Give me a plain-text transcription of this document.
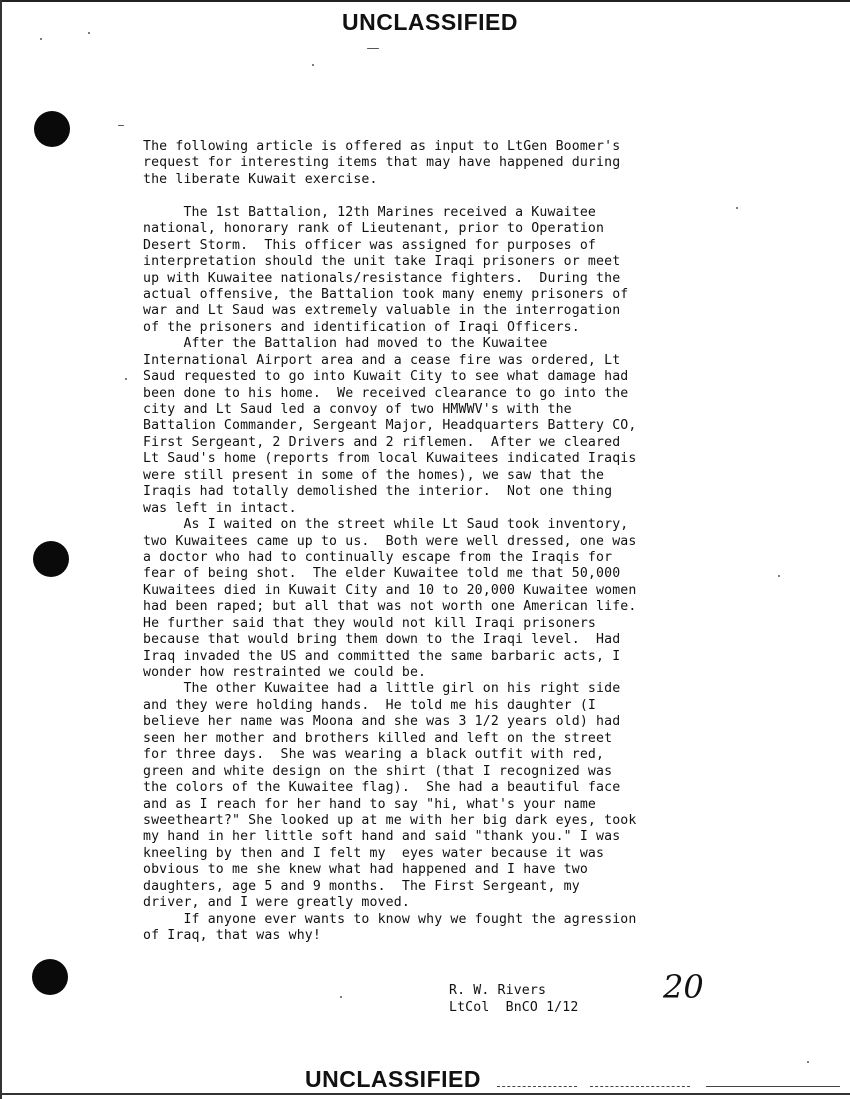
UNCLASSIFIED
The following article is offered as input to LtGen Boomer's
request for interesting items that may have happened during
the liberate Kuwait exercise.
The 1st Battalion, 12th Marines received a Kuwaitee
national, honorary rank of Lieutenant, prior to Operation
Desert Storm.  This officer was assigned for purposes of
interpretation should the unit take Iraqi prisoners or meet
up with Kuwaitee nationals/resistance fighters.  During the
actual offensive, the Battalion took many enemy prisoners of
war and Lt Saud was extremely valuable in the interrogation
of the prisoners and identification of Iraqi Officers.
After the Battalion had moved to the Kuwaitee
International Airport area and a cease fire was ordered, Lt
Saud requested to go into Kuwait City to see what damage had
been done to his home.  We received clearance to go into the
city and Lt Saud led a convoy of two HMWWV's with the
Battalion Commander, Sergeant Major, Headquarters Battery CO,
First Sergeant, 2 Drivers and 2 riflemen.  After we cleared
Lt Saud's home (reports from local Kuwaitees indicated Iraqis
were still present in some of the homes), we saw that the
Iraqis had totally demolished the interior.  Not one thing
was left in intact.
As I waited on the street while Lt Saud took inventory,
two Kuwaitees came up to us.  Both were well dressed, one was
a doctor who had to continually escape from the Iraqis for
fear of being shot.  The elder Kuwaitee told me that 50,000
Kuwaitees died in Kuwait City and 10 to 20,000 Kuwaitee women
had been raped; but all that was not worth one American life.
He further said that they would not kill Iraqi prisoners
because that would bring them down to the Iraqi level.  Had
Iraq invaded the US and committed the same barbaric acts, I
wonder how restrainted we could be.
The other Kuwaitee had a little girl on his right side
and they were holding hands.  He told me his daughter (I
believe her name was Moona and she was 3 1/2 years old) had
seen her mother and brothers killed and left on the street
for three days.  She was wearing a black outfit with red,
green and white design on the shirt (that I recognized was
the colors of the Kuwaitee flag).  She had a beautiful face
and as I reach for her hand to say "hi, what's your name
sweetheart?" She looked up at me with her big dark eyes, took
my hand in her little soft hand and said "thank you." I was
kneeling by then and I felt my  eyes water because it was
obvious to me she knew what had happened and I have two
daughters, age 5 and 9 months.  The First Sergeant, my
driver, and I were greatly moved.
If anyone ever wants to know why we fought the agression
of Iraq, that was why!
R. W. Rivers
LtCol  BnCO 1/12
20
UNCLASSIFIED
